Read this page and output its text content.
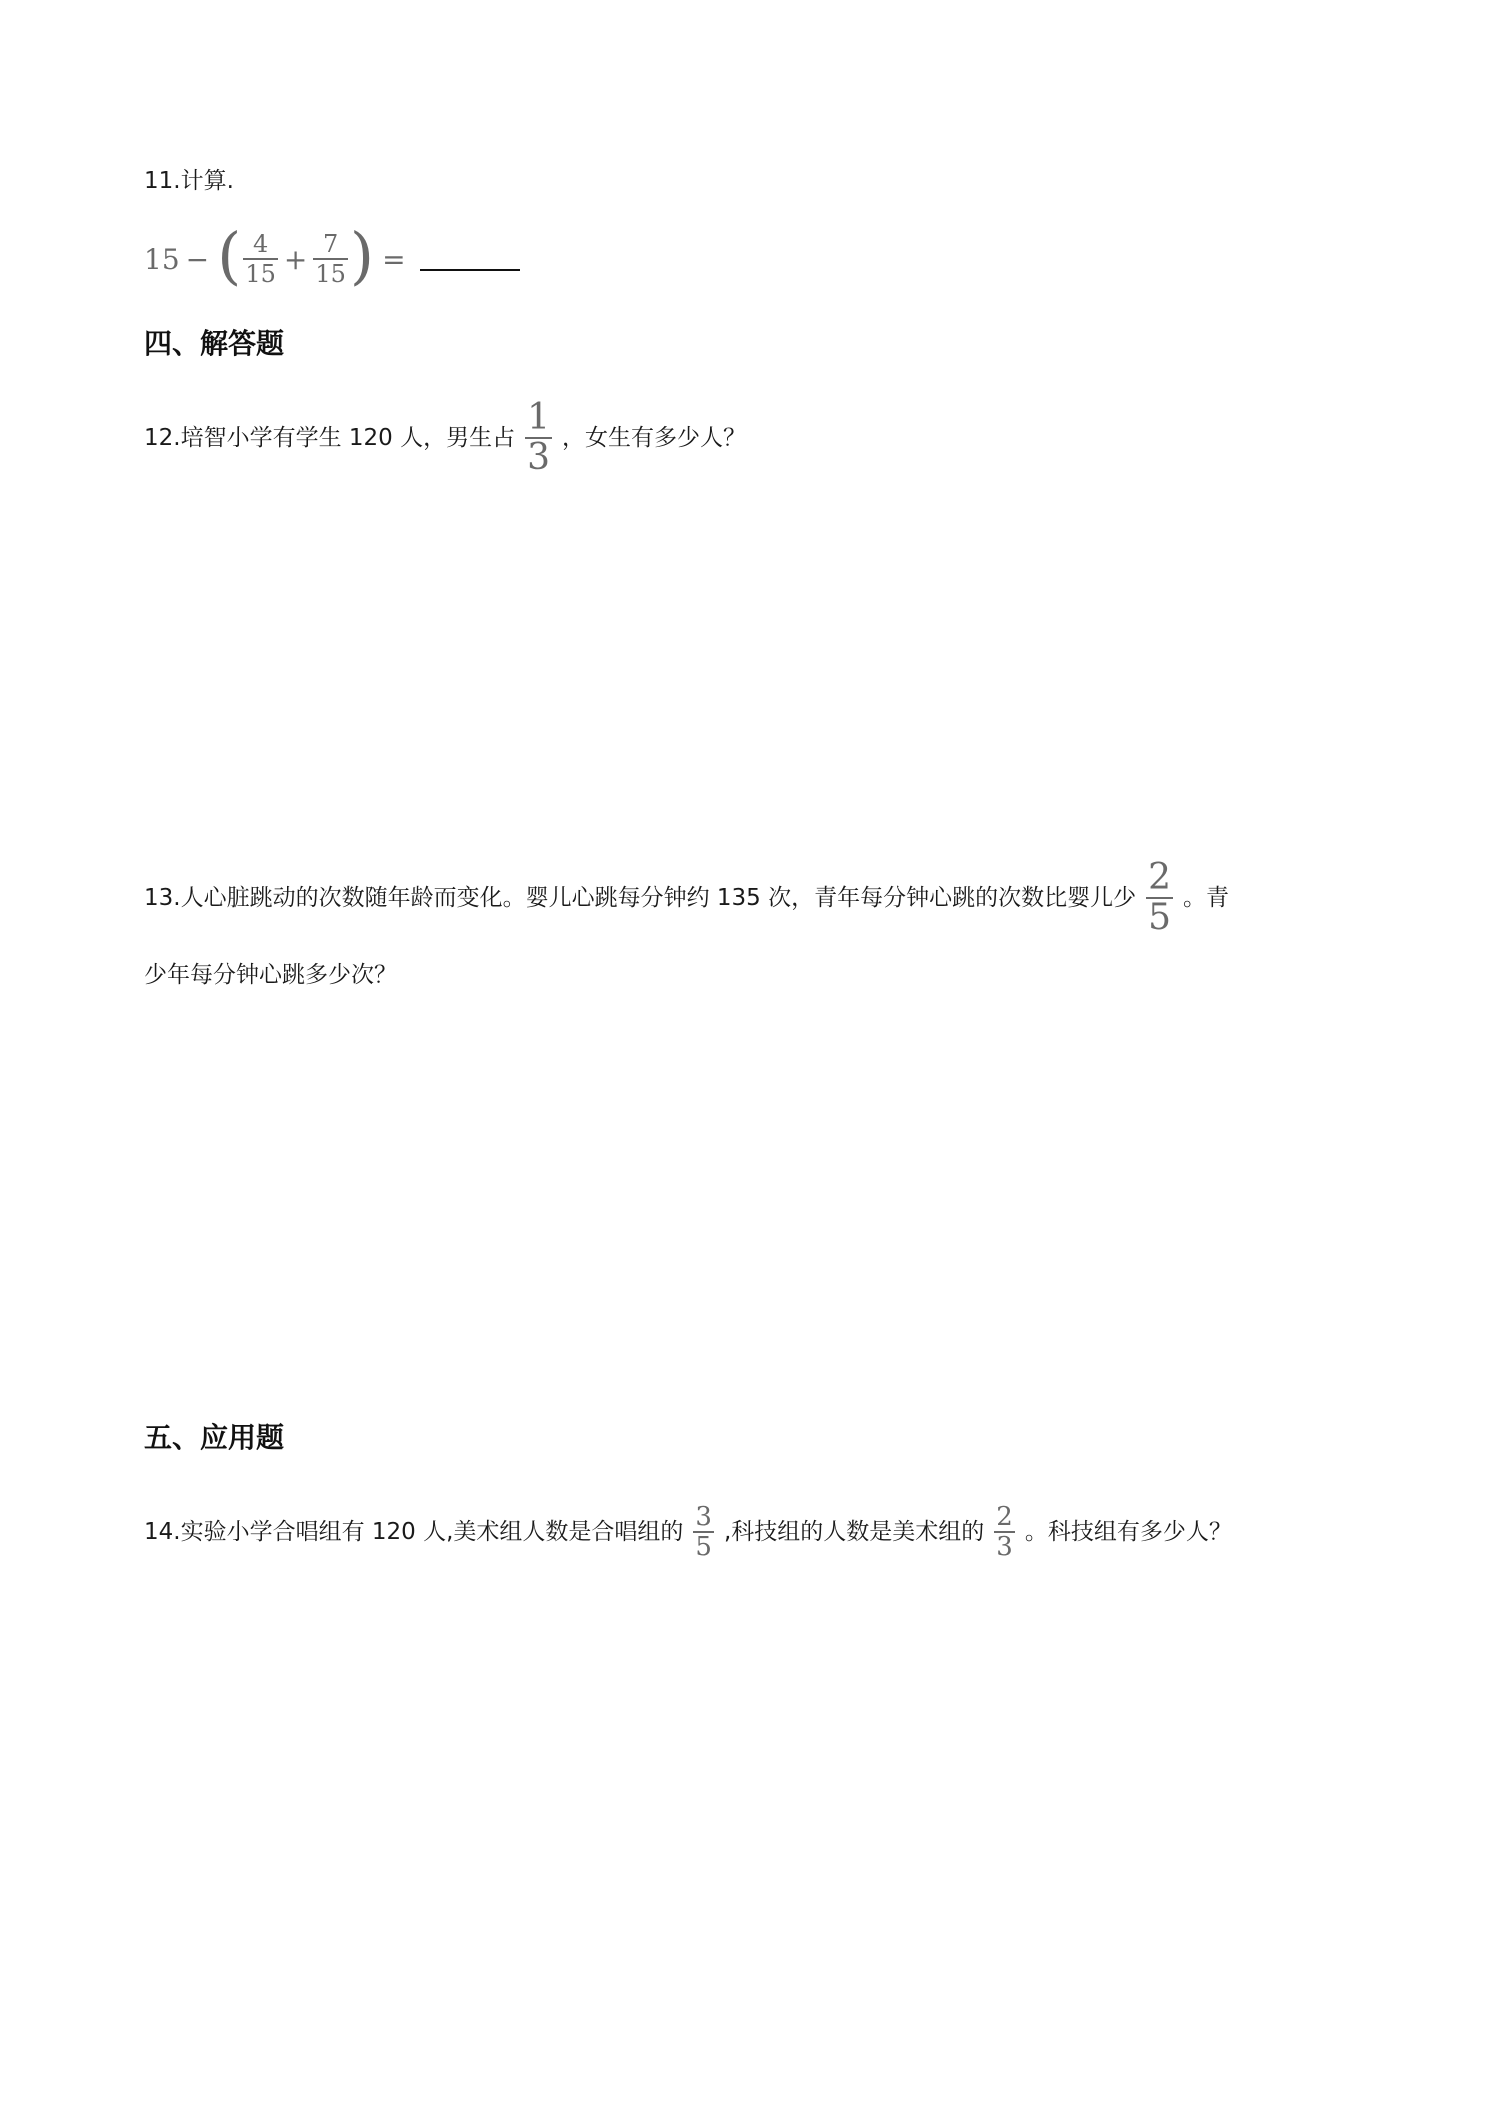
11.计算.
15 − ( $\frac{4}{15} + \frac{7}{15}$ ) =
四、解答题
12.培智小学有学生 120 人，男生占 $\frac{1}{3}$ ，女生有多少人？
13.人心脏跳动的次数随年龄而变化。婴儿心跳每分钟约 135 次，青年每分钟心跳的次数比婴儿少 $\frac{2}{5}$ 。青
少年每分钟心跳多少次？
五、应用题
14.实验小学合唱组有 120 人,美术组人数是合唱组的 $\frac{3}{5}$ ,科技组的人数是美术组的 $\frac{2}{3}$ 。科技组有多少人？
